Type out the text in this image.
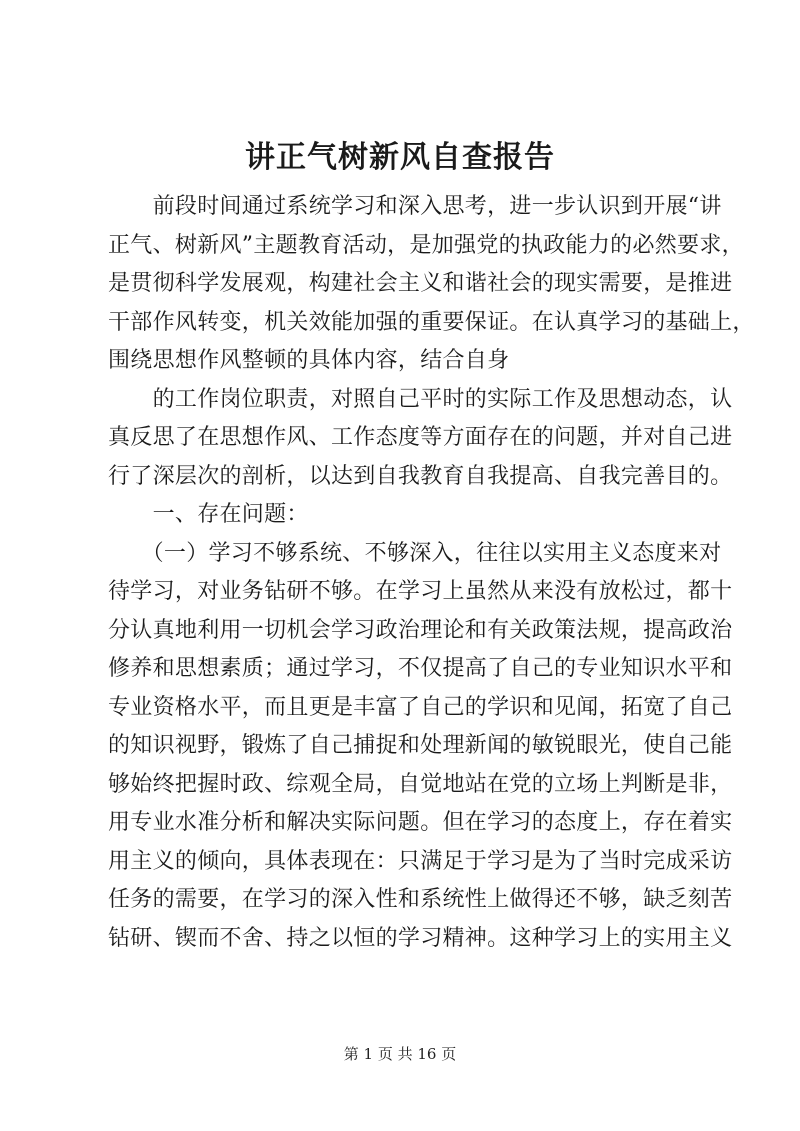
讲正气树新风自查报告
　　前段时间通过系统学习和深入思考，进一步认识到开展“讲
正气、树新风”主题教育活动，是加强党的执政能力的必然要求，
是贯彻科学发展观，构建社会主义和谐社会的现实需要，是推进
干部作风转变，机关效能加强的重要保证。在认真学习的基础上，
围绕思想作风整顿的具体内容，结合自身
　　的工作岗位职责，对照自己平时的实际工作及思想动态，认
真反思了在思想作风、工作态度等方面存在的问题，并对自己进
行了深层次的剖析，以达到自我教育自我提高、自我完善目的。
　　一、存在问题：
　　（一）学习不够系统、不够深入，往往以实用主义态度来对
待学习，对业务钻研不够。在学习上虽然从来没有放松过，都十
分认真地利用一切机会学习政治理论和有关政策法规，提高政治
修养和思想素质；通过学习，不仅提高了自己的专业知识水平和
专业资格水平，而且更是丰富了自己的学识和见闻，拓宽了自己
的知识视野，锻炼了自己捕捉和处理新闻的敏锐眼光，使自己能
够始终把握时政、综观全局，自觉地站在党的立场上判断是非，
用专业水准分析和解决实际问题。但在学习的态度上，存在着实
用主义的倾向，具体表现在：只满足于学习是为了当时完成采访
任务的需要，在学习的深入性和系统性上做得还不够，缺乏刻苦
钻研、锲而不舍、持之以恒的学习精神。这种学习上的实用主义
第 1 页 共 16 页
